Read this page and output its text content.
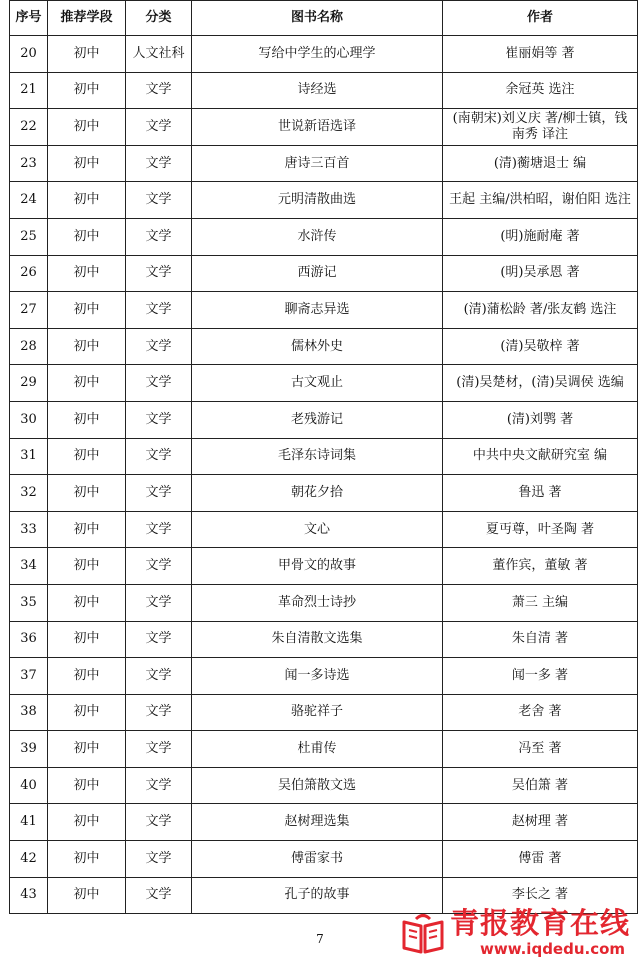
序号	推荐学段	分类	图书名称	作者
20	初中	人文社科	写给中学生的心理学	崔丽娟等 著
21	初中	文学	诗经选	余冠英 选注
22	初中	文学	世说新语选译	(南朝宋)刘义庆 著/柳士镇，钱南秀 译注
23	初中	文学	唐诗三百首	(清)蘅塘退士 编
24	初中	文学	元明清散曲选	王起 主编/洪柏昭，谢伯阳 选注
25	初中	文学	水浒传	(明)施耐庵 著
26	初中	文学	西游记	(明)吴承恩 著
27	初中	文学	聊斋志异选	(清)蒲松龄 著/张友鹤 选注
28	初中	文学	儒林外史	(清)吴敬梓 著
29	初中	文学	古文观止	(清)吴楚材，(清)吴调侯 选编
30	初中	文学	老残游记	(清)刘鹗 著
31	初中	文学	毛泽东诗词集	中共中央文献研究室 编
32	初中	文学	朝花夕拾	鲁迅 著
33	初中	文学	文心	夏丏尊，叶圣陶 著
34	初中	文学	甲骨文的故事	董作宾，董敏 著
35	初中	文学	革命烈士诗抄	萧三 主编
36	初中	文学	朱自清散文选集	朱自清 著
37	初中	文学	闻一多诗选	闻一多 著
38	初中	文学	骆驼祥子	老舍 著
39	初中	文学	杜甫传	冯至 著
40	初中	文学	吴伯箫散文选	吴伯箫 著
41	初中	文学	赵树理选集	赵树理 著
42	初中	文学	傅雷家书	傅雷 著
43	初中	文学	孔子的故事	李长之 著
7	青报教育在线
www.iqdedu.com
